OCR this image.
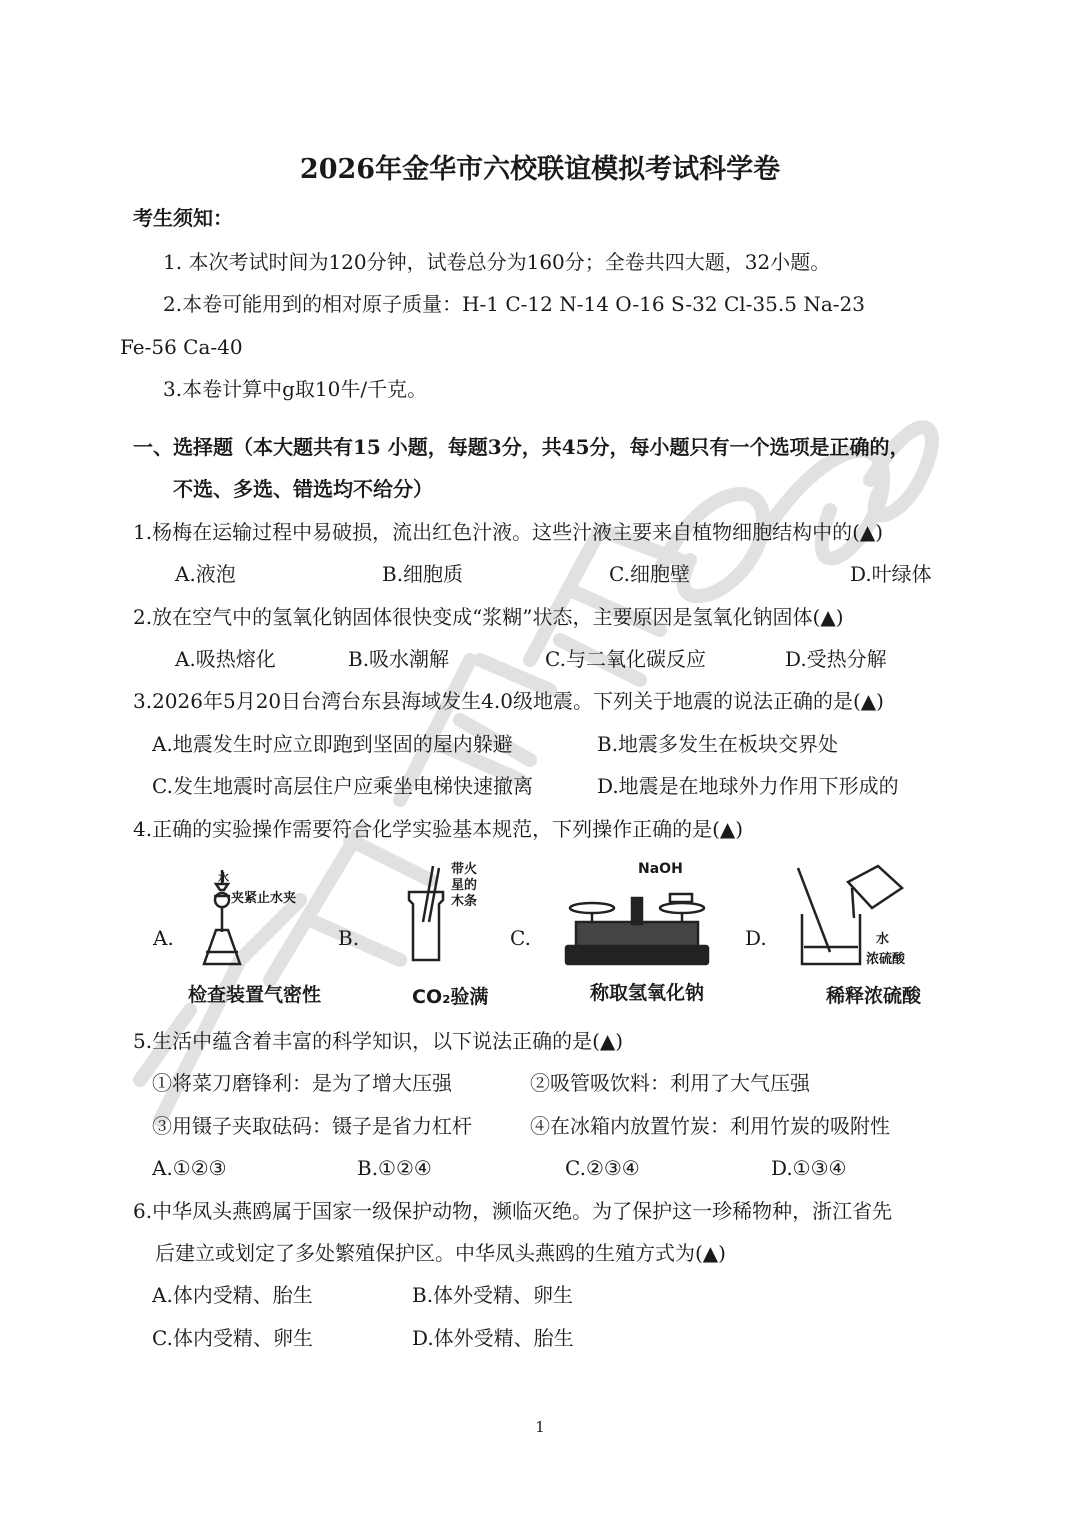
2026年金华市六校联谊模拟考试科学卷
考生须知：
1. 本次考试时间为120分钟，试卷总分为160分；全卷共四大题，32小题。
2.本卷可能用到的相对原子质量：H-1 C-12 N-14 O-16 S-32 Cl-35.5 Na-23
Fe-56 Ca-40
3.本卷计算中g取10牛/千克。
一、选择题（本大题共有15 小题，每题3分，共45分，每小题只有一个选项是正确的，
不选、多选、错选均不给分）
1.杨梅在运输过程中易破损，流出红色汁液。这些汁液主要来自植物细胞结构中的(▲)
A.液泡	B.细胞质	C.细胞壁	D.叶绿体
2.放在空气中的氢氧化钠固体很快变成“浆糊”状态，主要原因是氢氧化钠固体(▲)
A.吸热熔化	B.吸水潮解	C.与二氧化碳反应	D.受热分解
3.2026年5月20日台湾台东县海域发生4.0级地震。下列关于地震的说法正确的是(▲)
A.地震发生时应立即跑到坚固的屋内躲避	B.地震多发生在板块交界处
C.发生地震时高层住户应乘坐电梯快速撤离	D.地震是在地球外力作用下形成的
4.正确的实验操作需要符合化学实验基本规范，下列操作正确的是(▲)
A.
水
夹紧止水夹
检查装置气密性
B.
带火
星的
木条
CO₂验满
C.
NaOH
称取氢氧化钠
D.	水
浓硫酸
稀释浓硫酸
5.生活中蕴含着丰富的科学知识，以下说法正确的是(▲)
①将菜刀磨锋利：是为了增大压强	②吸管吸饮料：利用了大气压强
③用镊子夹取砝码：镊子是省力杠杆	④在冰箱内放置竹炭：利用竹炭的吸附性
A.①②③	B.①②④	C.②③④	D.①③④
6.中华凤头燕鸥属于国家一级保护动物，濒临灭绝。为了保护这一珍稀物种，浙江省先
后建立或划定了多处繁殖保护区。中华凤头燕鸥的生殖方式为(▲)
A.体内受精、胎生	B.体外受精、卵生
C.体内受精、卵生	D.体外受精、胎生
1
